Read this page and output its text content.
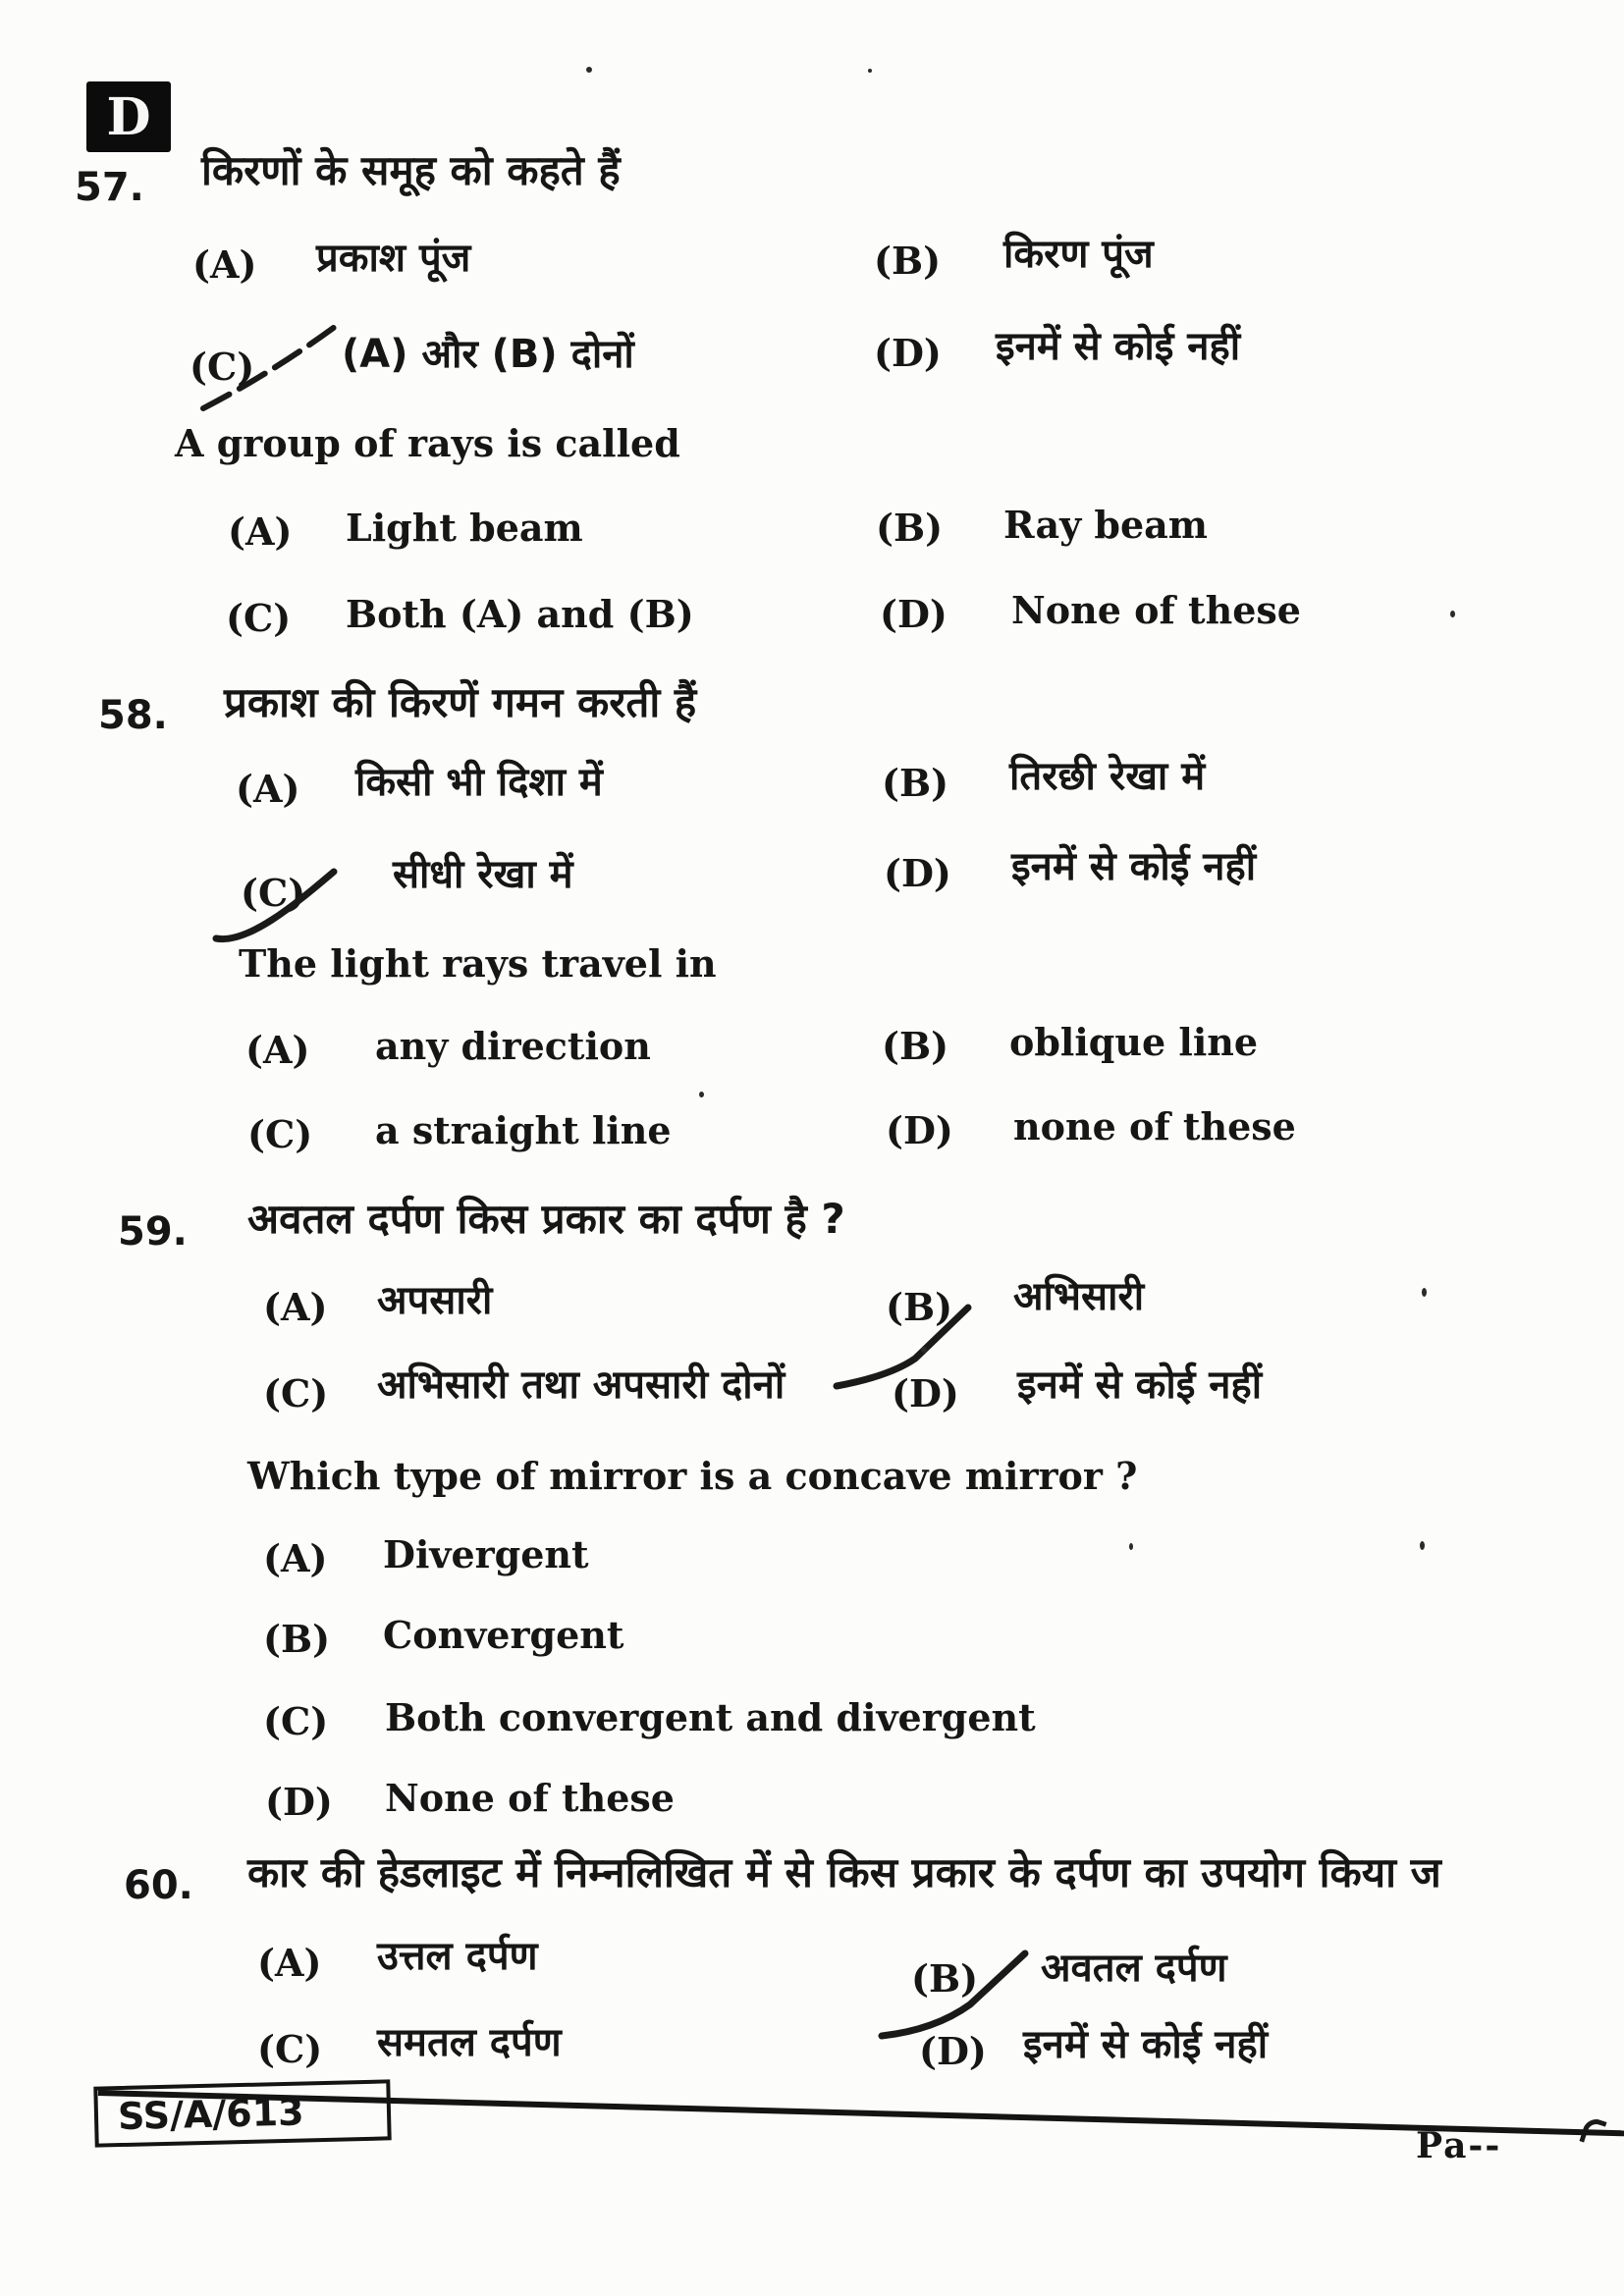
D
57. किरणों के समूह को कहते हैं
(A) प्रकाश पूंज	(B) किरण पूंज
(C) (A) और (B) दोनों	(D) इनमें से कोई नहीं
A group of rays is called
(A) Light beam	(B) Ray beam
(C) Both (A) and (B)	(D) None of these
58. प्रकाश की किरणें गमन करती हैं
(A) किसी भी दिशा में	(B) तिरछी रेखा में
(C) सीधी रेखा में	(D) इनमें से कोई नहीं
The light rays travel in
(A) any direction	(B) oblique line
(C) a straight line	(D) none of these
59. अवतल दर्पण किस प्रकार का दर्पण है ?
(A) अपसारी	(B) अभिसारी
(C) अभिसारी तथा अपसारी दोनों	(D) इनमें से कोई नहीं
Which type of mirror is a concave mirror ?
(A) Divergent
(B) Convergent
(C) Both convergent and divergent
(D) None of these
60. कार की हेडलाइट में निम्नलिखित में से किस प्रकार के दर्पण का उपयोग किया ज
(A) उत्तल दर्पण	(B) अवतल दर्पण
(C) समतल दर्पण	(D) इनमें से कोई नहीं
SS/A/613
Pa--
